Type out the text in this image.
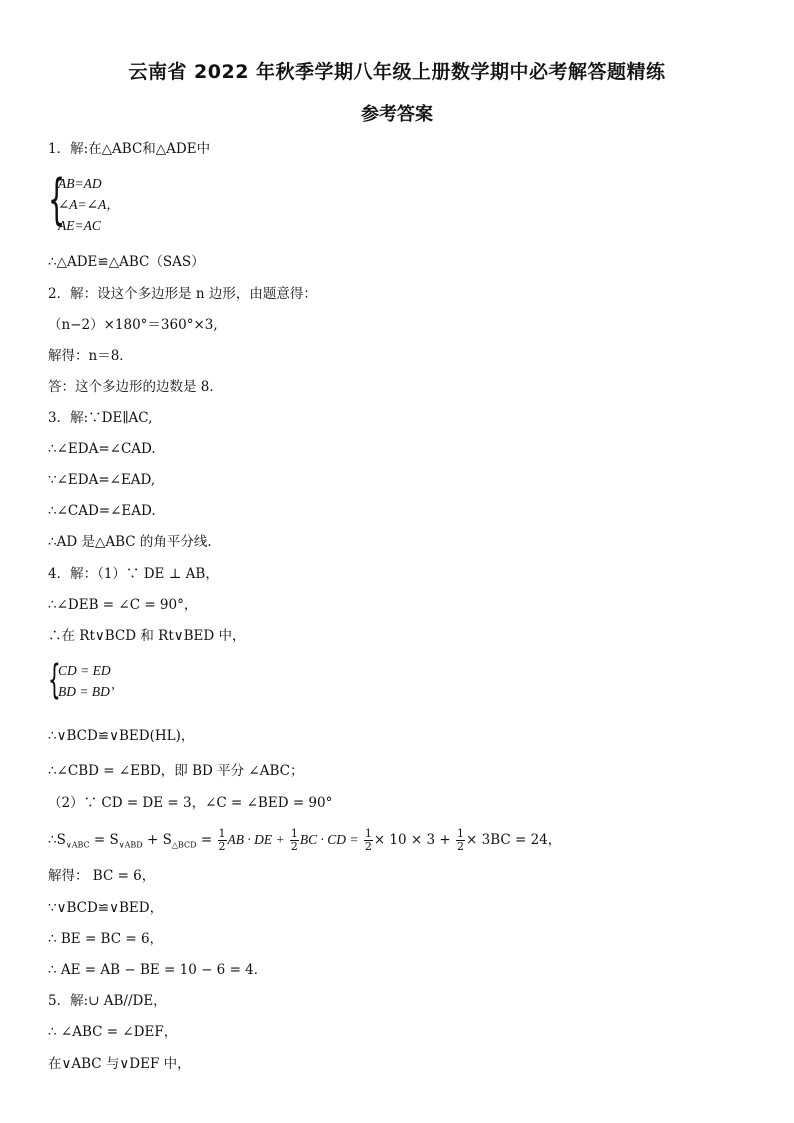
云南省 2022 年秋季学期八年级上册数学期中必考解答题精练
参考答案
1．解:在△ABC和△ADE中
{
AB=AD
∠A=∠A，
AE=AC
∴△ADE≌△ABC（SAS）
2．解：设这个多边形是 n 边形，由题意得：
（n−2）×180°＝360°×3,
解得：n＝8．
答：这个多边形的边数是 8．
3．解:∵DE∥AC,
∴∠EDA=∠CAD.
∵∠EDA=∠EAD,
∴∠CAD=∠EAD.
∴AD 是△ABC 的角平分线.
4．解：（1）∵ DE ⊥ AB，
∴∠DEB = ∠C = 90°，
∴在 Rt∨BCD 和 Rt∨BED 中，
{
CD = ED
BD = BD’
∴∨BCD≌∨BED(HL)，
∴∠CBD = ∠EBD，即 BD 平分 ∠ABC；
（2）∵ CD = DE = 3，∠C = ∠BED = 90°
$\therefore S_{\vee ABC} = S_{\vee ABD} + S_{\triangle BCD} = \frac{1}{2}$ AB · DE + $\frac{1}{2}$ BC · CD = $\frac{1}{2} \times 10 \times 3 + \frac{1}{2} \times 3BC = 24$，
解得： BC = 6，
∵∨BCD≌∨BED，
∴ BE = BC = 6，
∴ AE = AB − BE = 10 − 6 = 4．
5．解:∪ AB//DE，
∴ ∠ABC = ∠DEF，
在∨ABC 与∨DEF 中，
